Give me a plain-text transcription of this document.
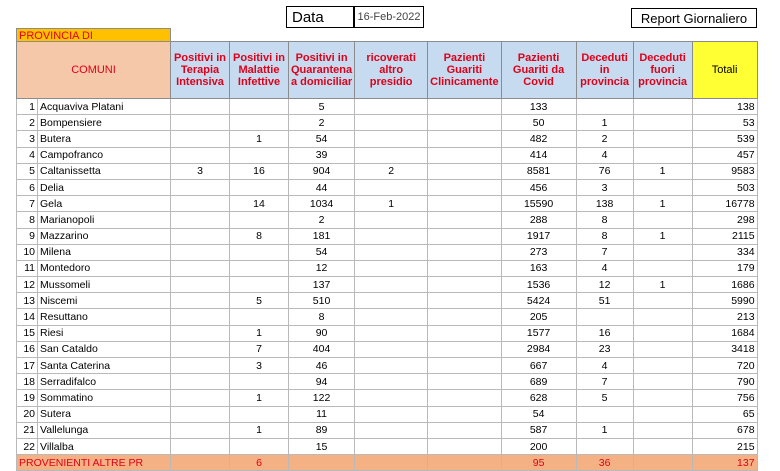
Data	16-Feb-2022	Report Giornaliero
PROVINCIA DI
COMUNI		Positivi in Terapia Intensiva	Positivi in Malattie Infettive	Positivi in Quarantena a domiciliar	ricoverati altro presidio	Pazienti Guariti Clinicamente	Pazienti Guariti da Covid	Deceduti in provincia	Deceduti fuori provincia	Totali
1	Acquaviva Platani			5			133			138
2	Bompensiere			2			50	1		53
3	Butera		1	54			482	2		539
4	Campofranco			39			414	4		457
5	Caltanissetta	3	16	904	2		8581	76	1	9583
6	Delia			44			456	3		503
7	Gela		14	1034	1		15590	138	1	16778
8	Marianopoli			2			288	8		298
9	Mazzarino		8	181			1917	8	1	2115
10	Milena			54			273	7		334
11	Montedoro			12			163	4		179
12	Mussomeli			137			1536	12	1	1686
13	Niscemi		5	510			5424	51		5990
14	Resuttano			8			205			213
15	Riesi		1	90			1577	16		1684
16	San Cataldo		7	404			2984	23		3418
17	Santa Caterina		3	46			667	4		720
18	Serradifalco			94			689	7		790
19	Sommatino		1	122			628	5		756
20	Sutera			11			54			65
21	Vallelunga		1	89			587	1		678
22	Villalba			15			200			215
PROVENIENTI ALTRE PR			6				95	36		137
